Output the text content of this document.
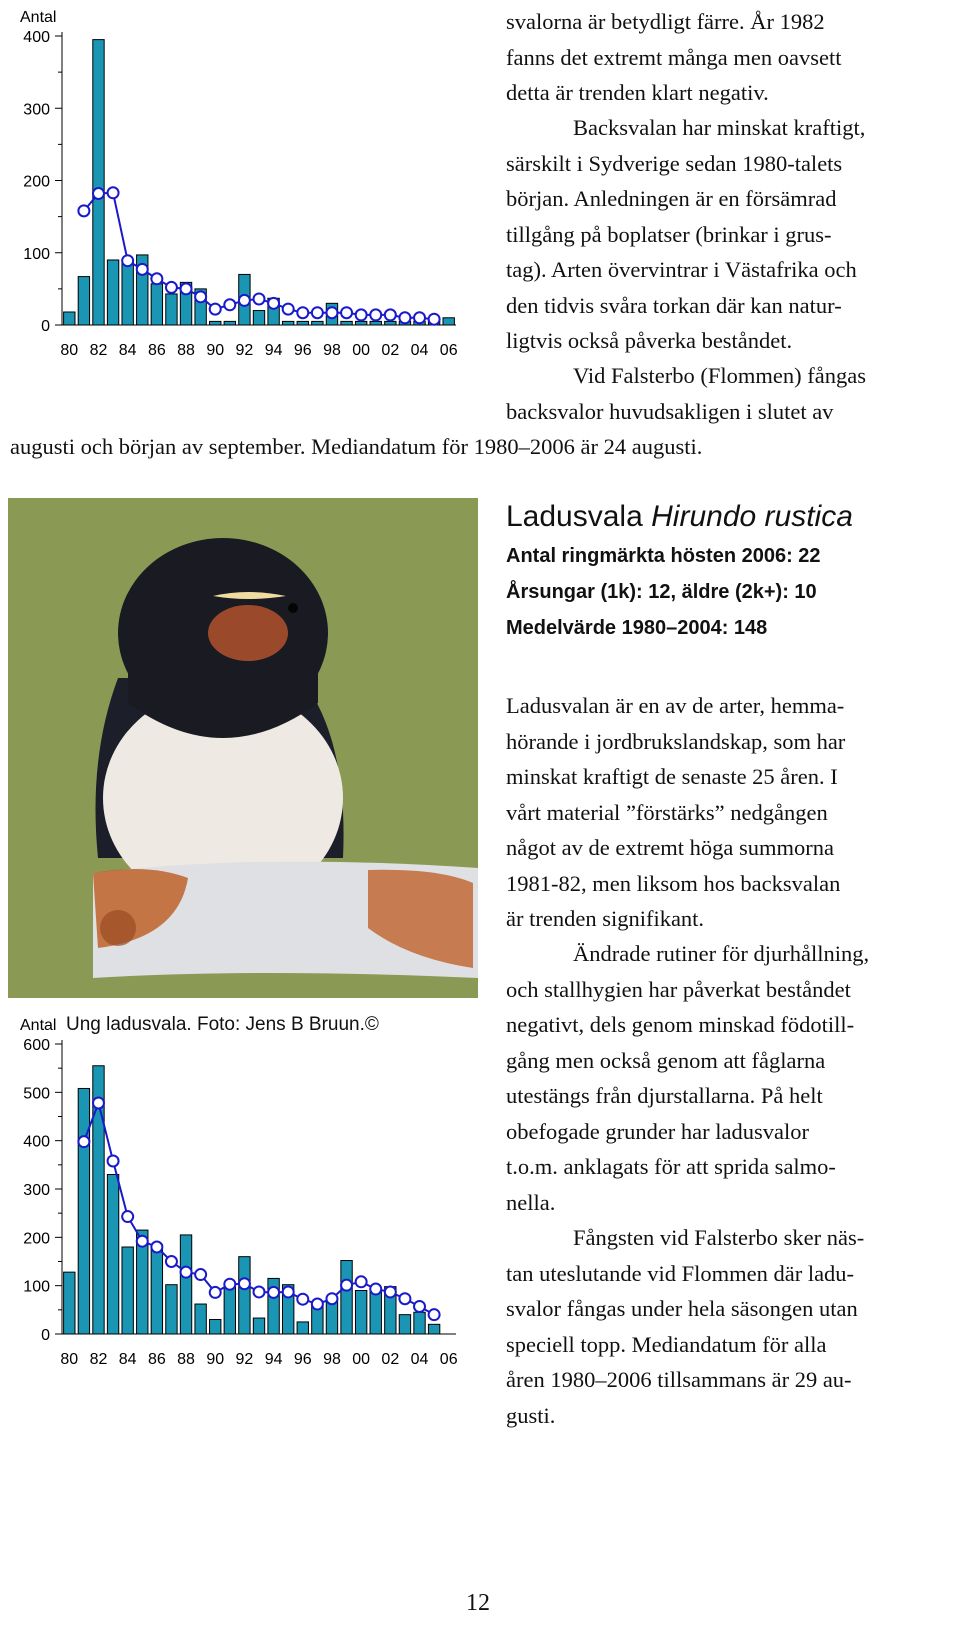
0
100
200
300
400
Antal
80 82 84 86 88 90 92 94 96 98 00 02 04 06
svalorna är betydligt färre. År 1982
fanns det extremt många men oavsett
detta är trenden klart negativ.
Backsvalan har minskat kraftigt,
särskilt i Sydverige sedan 1980-talets
början. Anledningen är en försämrad
tillgång på boplatser (brinkar i grus-
tag). Arten övervintrar i Västafrika och
den tidvis svåra torkan där kan natur-
ligtvis också påverka beståndet.
Vid Falsterbo (Flommen) fångas
backsvalor huvudsakligen i slutet av
augusti och början av september. Mediandatum för 1980–2006 är 24 augusti.
Ung ladusvala. Foto: Jens B Bruun.©
Ladusvala Hirundo rustica
Antal ringmärkta hösten 2006: 22
Årsungar (1k): 12, äldre (2k+): 10
Medelvärde 1980–2004: 148
Ladusvalan är en av de arter, hemma-
hörande i jordbrukslandskap, som har
minskat kraftigt de senaste 25 åren. I
vårt material ”förstärks” nedgången
något av de extremt höga summorna
1981-82, men liksom hos backsvalan
är trenden signifikant.
Ändrade rutiner för djurhållning,
och stallhygien har påverkat beståndet
negativt, dels genom minskad födotill-
gång men också genom att fåglarna
utestängs från djurstallarna. På helt
obefogade grunder har ladusvalor
t.o.m. anklagats för att sprida salmo-
nella.
Fångsten vid Falsterbo sker näs-
tan uteslutande vid Flommen där ladu-
svalor fångas under hela säsongen utan
speciell topp. Mediandatum för alla
åren 1980–2006 tillsammans är 29 au-
gusti.
0
100
200
300
400
500
600
Antal
80 82 84 86 88 90 92 94 96 98 00 02 04 06
12
